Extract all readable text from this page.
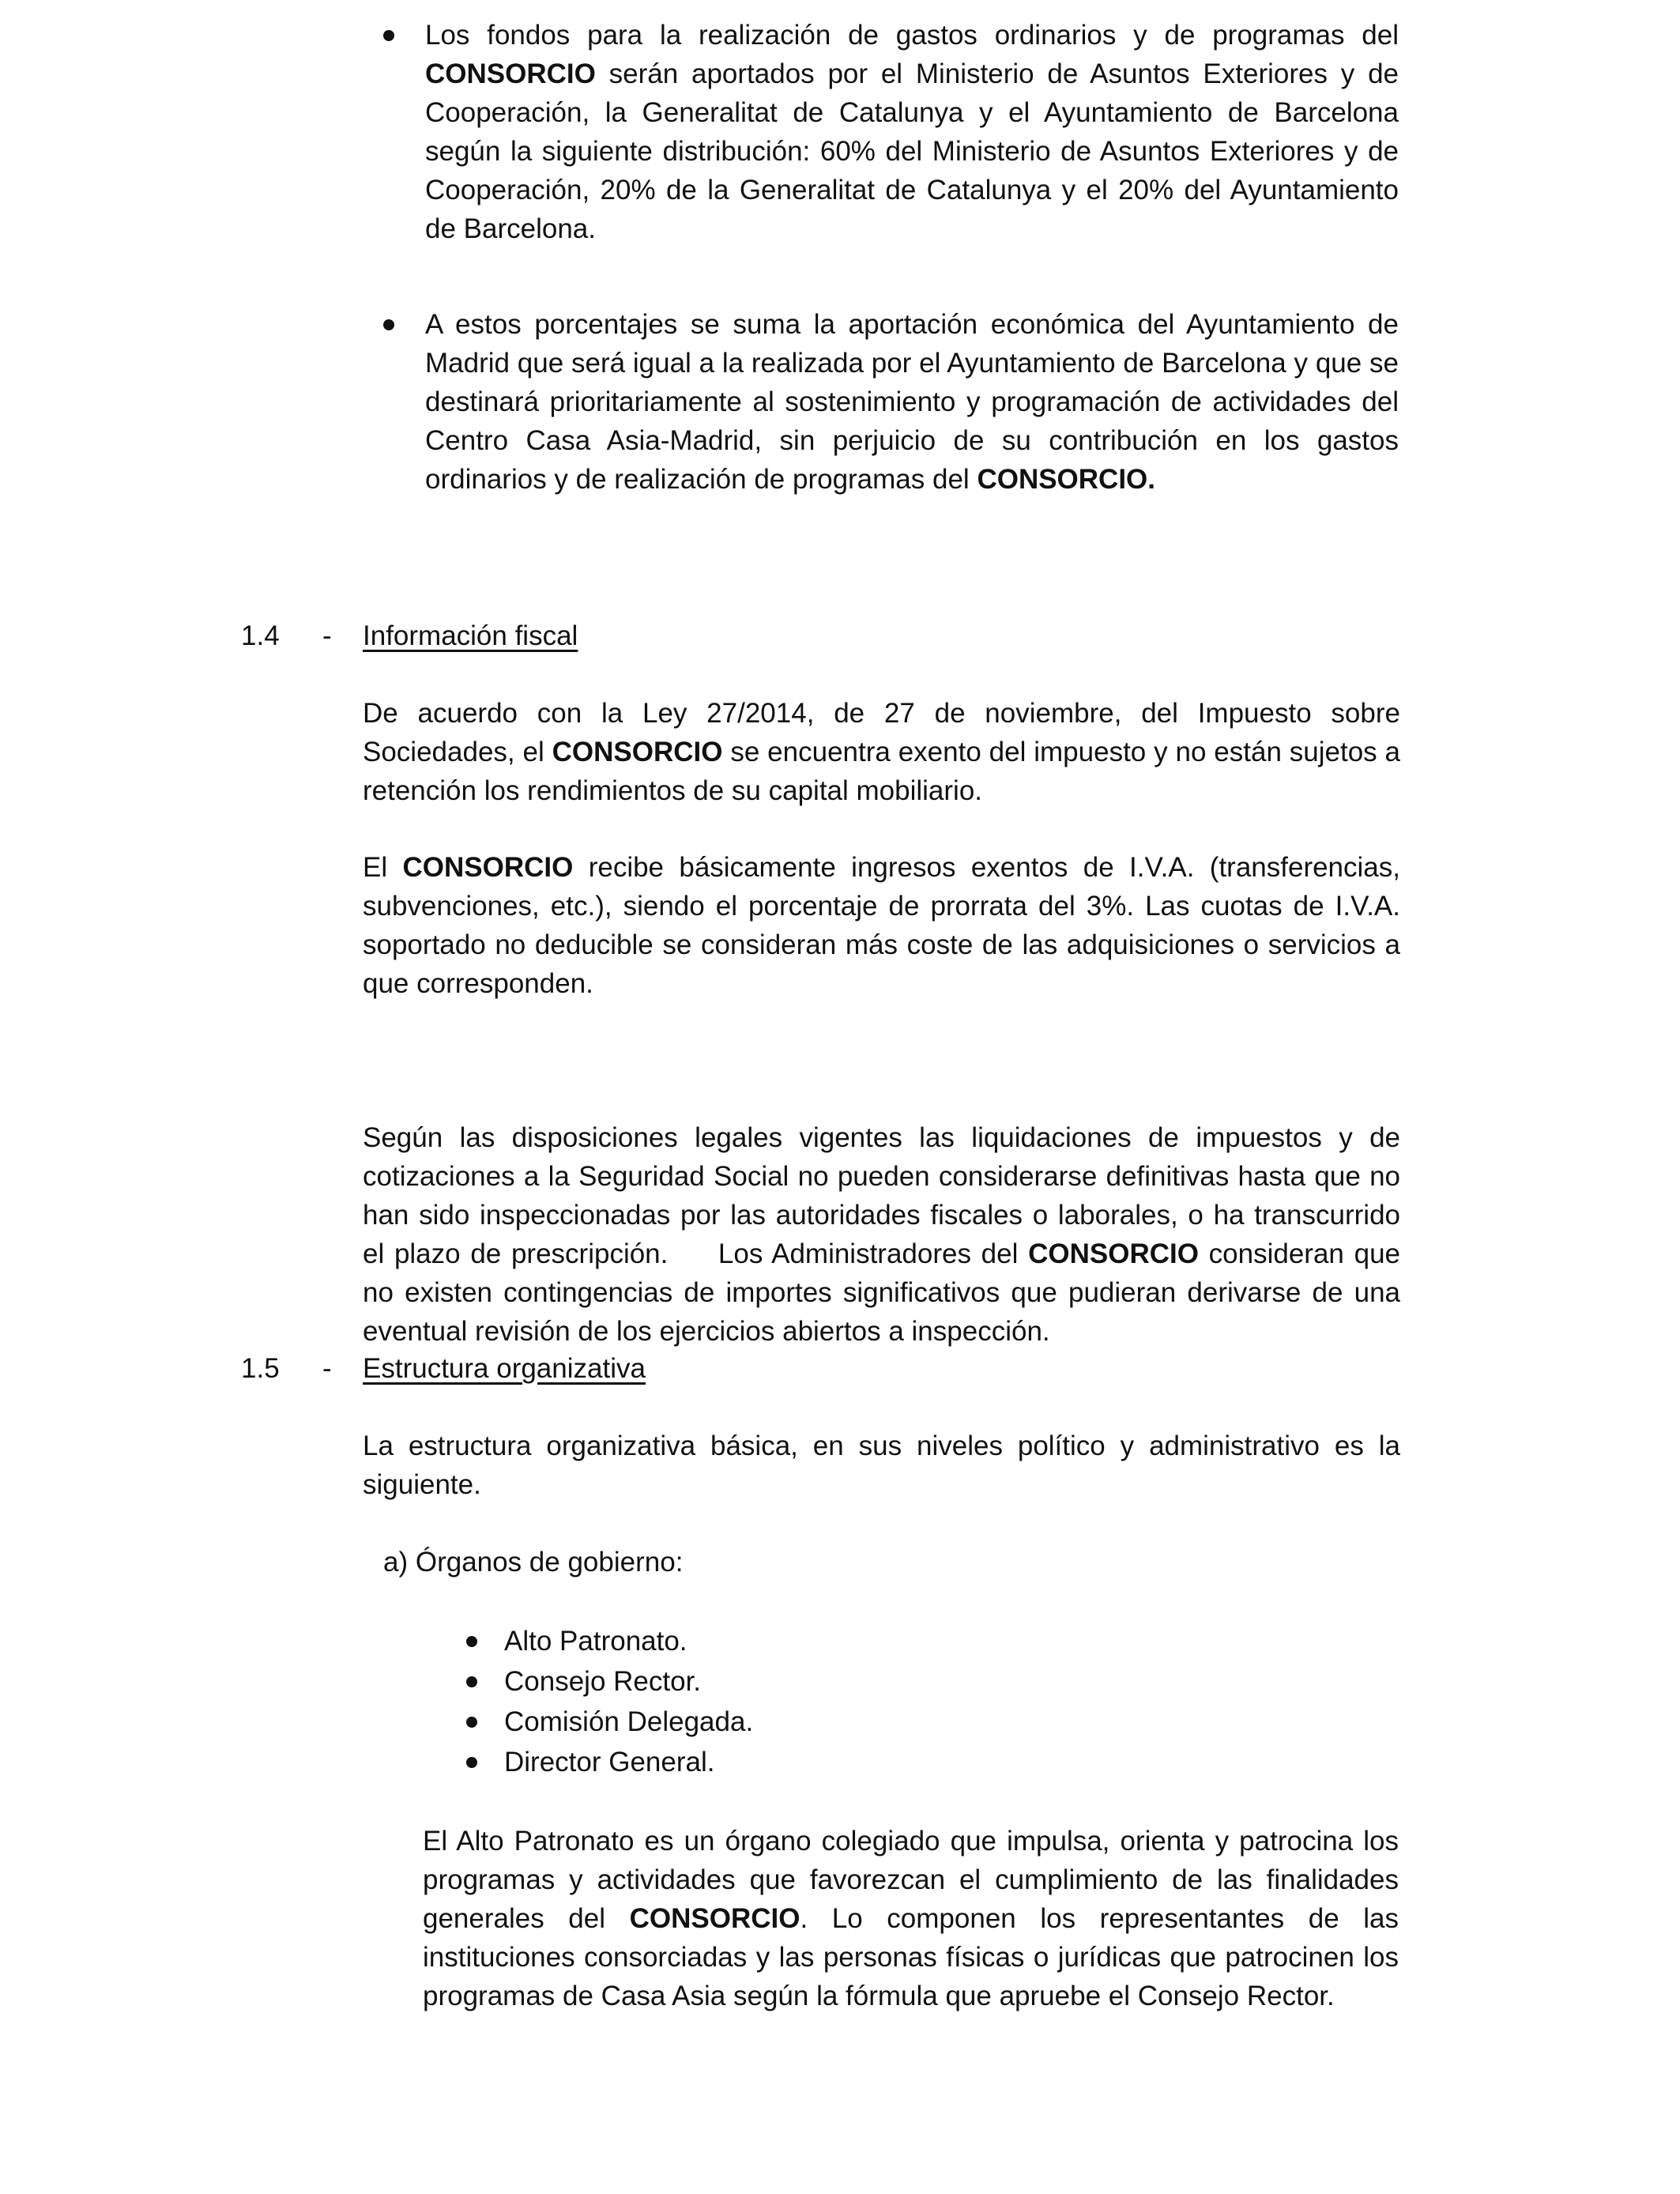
Los fondos para la realización de gastos ordinarios y de programas del CONSORCIO serán aportados por el Ministerio de Asuntos Exteriores y de Cooperación, la Generalitat de Catalunya y el Ayuntamiento de Barcelona según la siguiente distribución: 60% del Ministerio de Asuntos Exteriores y de Cooperación, 20% de la Generalitat de Catalunya y el 20% del Ayuntamiento de Barcelona.

A estos porcentajes se suma la aportación económica del Ayuntamiento de Madrid que será igual a la realizada por el Ayuntamiento de Barcelona y que se destinará prioritariamente al sostenimiento y programación de actividades del Centro Casa Asia-Madrid, sin perjuicio de su contribución en los gastos ordinarios y de realización de programas del CONSORCIO.

1.4 - Información fiscal

De acuerdo con la Ley 27/2014, de 27 de noviembre, del Impuesto sobre Sociedades, el CONSORCIO se encuentra exento del impuesto y no están sujetos a retención los rendimientos de su capital mobiliario.

El CONSORCIO recibe básicamente ingresos exentos de I.V.A. (transferencias, subvenciones, etc.), siendo el porcentaje de prorrata del 3%. Las cuotas de I.V.A. soportado no deducible se consideran más coste de las adquisiciones o servicios a que corresponden.

Según las disposiciones legales vigentes las liquidaciones de impuestos y de cotizaciones a la Seguridad Social no pueden considerarse definitivas hasta que no han sido inspeccionadas por las autoridades fiscales o laborales, o ha transcurrido el plazo de prescripción.     Los Administradores del CONSORCIO consideran que no existen contingencias de importes significativos que pudieran derivarse de una eventual revisión de los ejercicios abiertos a inspección.

1.5 - Estructura organizativa
La estructura organizativa básica, en sus niveles político y administrativo es la siguiente.
a) Órganos de gobierno:
Alto Patronato.
Consejo Rector.
Comisión Delegada.
Director General.

El Alto Patronato es un órgano colegiado que impulsa, orienta y patrocina los programas y actividades que favorezcan el cumplimiento de las finalidades generales del CONSORCIO. Lo componen los representantes de las instituciones consorciadas y las personas físicas o jurídicas que patrocinen los programas de Casa Asia según la fórmula que apruebe el Consejo Rector.
